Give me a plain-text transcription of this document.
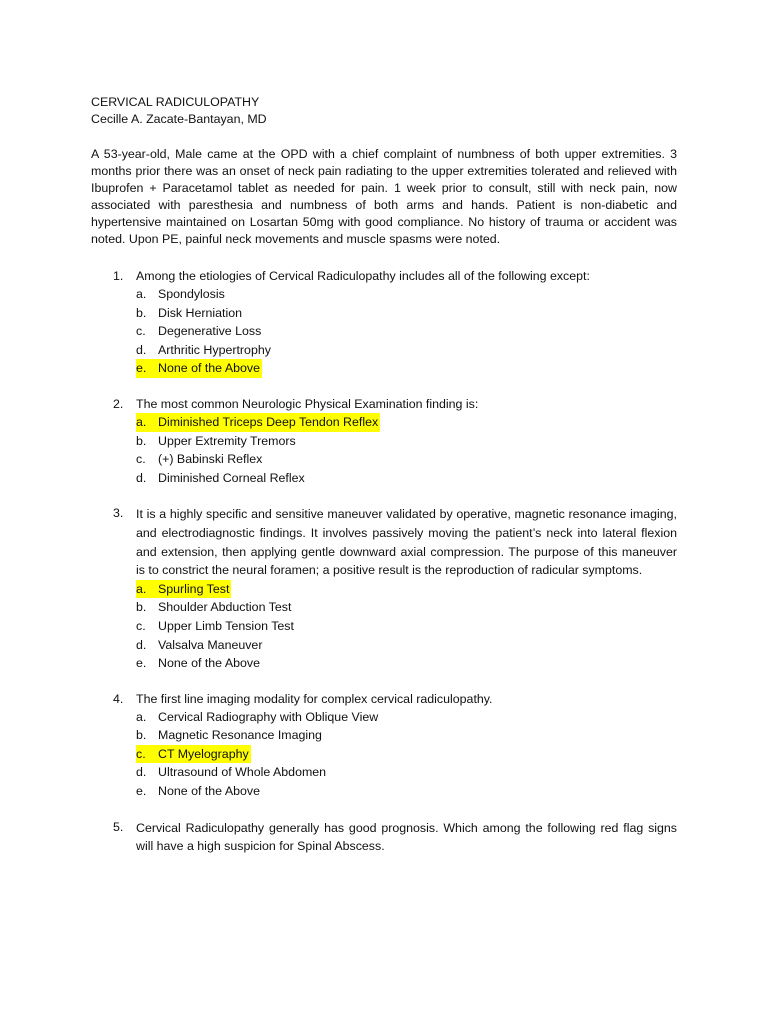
CERVICAL RADICULOPATHY
Cecille A. Zacate-Bantayan, MD

A 53-year-old, Male came at the OPD with a chief complaint of numbness of both upper extremities. 3 months prior there was an onset of neck pain radiating to the upper extremities tolerated and relieved with Ibuprofen + Paracetamol tablet as needed for pain. 1 week prior to consult, still with neck pain, now associated with paresthesia and numbness of both arms and hands. Patient is non-diabetic and hypertensive maintained on Losartan 50mg with good compliance. No history of trauma or accident was noted. Upon PE, painful neck movements and muscle spasms were noted.

1.	Among the etiologies of Cervical Radiculopathy includes all of the following except:
a. Spondylosis
b. Disk Herniation
c. Degenerative Loss
d. Arthritic Hypertrophy
e. None of the Above
2.	The most common Neurologic Physical Examination finding is:
a. Diminished Triceps Deep Tendon Reflex
b. Upper Extremity Tremors
c. (+) Babinski Reflex
d. Diminished Corneal Reflex
3.	It is a highly specific and sensitive maneuver validated by operative, magnetic resonance imaging, and electrodiagnostic findings. It involves passively moving the patient’s neck into lateral flexion and extension, then applying gentle downward axial compression. The purpose of this maneuver is to constrict the neural foramen; a positive result is the reproduction of radicular symptoms.
a. Spurling Test
b. Shoulder Abduction Test
c. Upper Limb Tension Test
d. Valsalva Maneuver
e. None of the Above
4.	The first line imaging modality for complex cervical radiculopathy.
a. Cervical Radiography with Oblique View
b. Magnetic Resonance Imaging
c. CT Myelography
d. Ultrasound of Whole Abdomen
e. None of the Above
5.	Cervical Radiculopathy generally has good prognosis. Which among the following red flag signs will have a high suspicion for Spinal Abscess.
